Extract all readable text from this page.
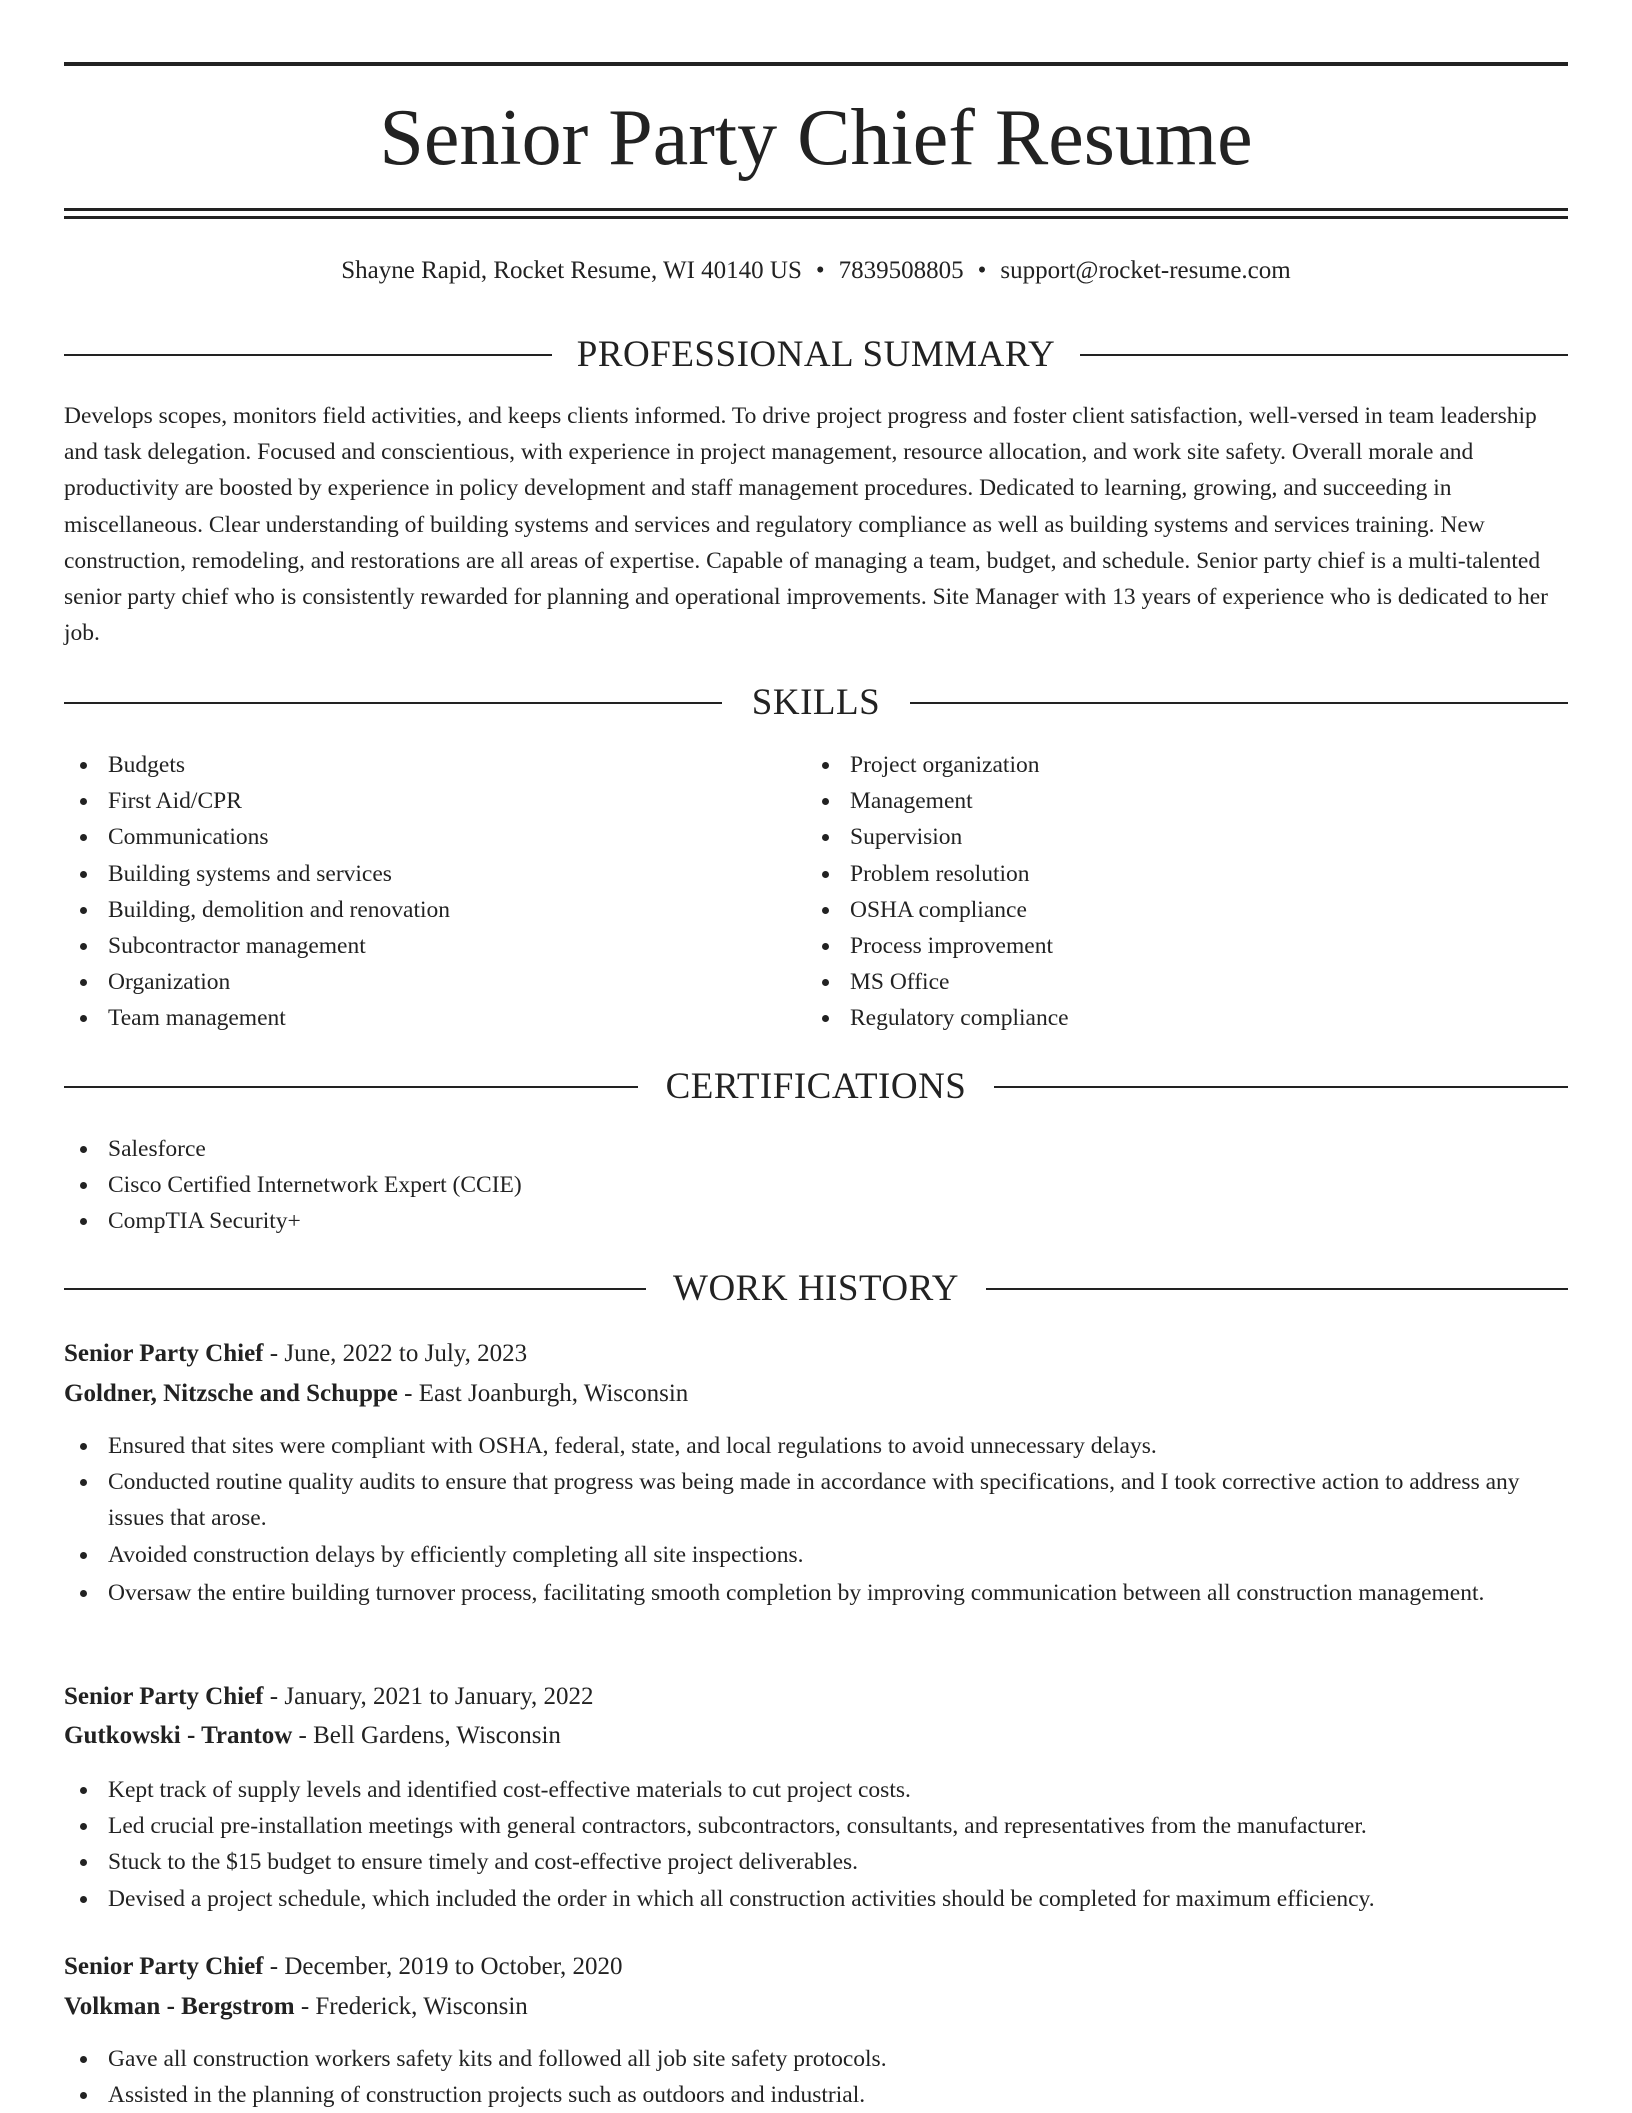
Senior Party Chief Resume
Shayne Rapid, Rocket Resume, WI 40140 US • 7839508805 • support@rocket-resume.com
PROFESSIONAL SUMMARY

Develops scopes, monitors field activities, and keeps clients informed. To drive project progress and foster client satisfaction, well-versed in team leadership and task delegation. Focused and conscientious, with experience in project management, resource allocation, and work site safety. Overall morale and productivity are boosted by experience in policy development and staff management procedures. Dedicated to learning, growing, and succeeding in miscellaneous. Clear understanding of building systems and services and regulatory compliance as well as building systems and services training. New construction, remodeling, and restorations are all areas of expertise. Capable of managing a team, budget, and schedule. Senior party chief is a multi-talented senior party chief who is consistently rewarded for planning and operational improvements. Site Manager with 13 years of experience who is dedicated to her job.

SKILLS
Budgets
First Aid/CPR
Communications
Building systems and services
Building, demolition and renovation
Subcontractor management
Organization
Team management
Project organization
Management
Supervision
Problem resolution
OSHA compliance
Process improvement
MS Office
Regulatory compliance
CERTIFICATIONS
Salesforce
Cisco Certified Internetwork Expert (CCIE)
CompTIA Security+
WORK HISTORY
Senior Party Chief - June, 2022 to July, 2023
Goldner, Nitzsche and Schuppe - East Joanburgh, Wisconsin
Ensured that sites were compliant with OSHA, federal, state, and local regulations to avoid unnecessary delays.
Conducted routine quality audits to ensure that progress was being made in accordance with specifications, and I took corrective action to address any issues that arose.
Avoided construction delays by efficiently completing all site inspections.
Oversaw the entire building turnover process, facilitating smooth completion by improving communication between all construction management.
Senior Party Chief - January, 2021 to January, 2022
Gutkowski - Trantow - Bell Gardens, Wisconsin
Kept track of supply levels and identified cost-effective materials to cut project costs.
Led crucial pre-installation meetings with general contractors, subcontractors, consultants, and representatives from the manufacturer.
Stuck to the $15 budget to ensure timely and cost-effective project deliverables.
Devised a project schedule, which included the order in which all construction activities should be completed for maximum efficiency.
Senior Party Chief - December, 2019 to October, 2020
Volkman - Bergstrom - Frederick, Wisconsin
Gave all construction workers safety kits and followed all job site safety protocols.
Assisted in the planning of construction projects such as outdoors and industrial.
